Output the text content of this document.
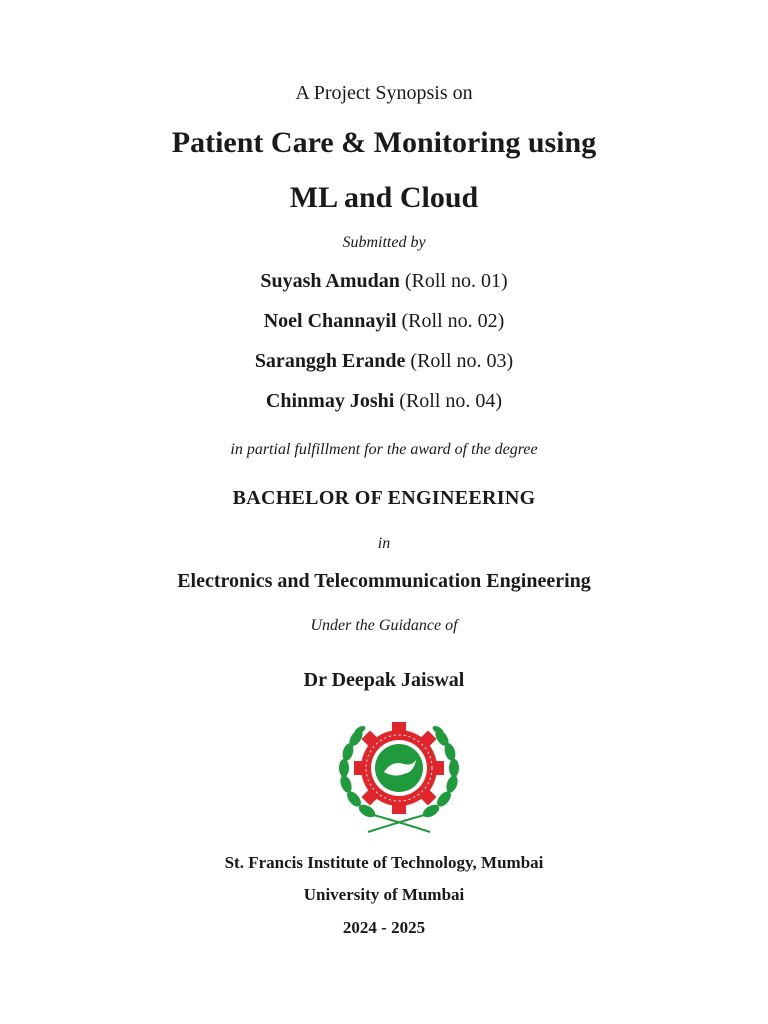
A Project Synopsis on
Patient Care & Monitoring using
ML and Cloud
Submitted by
Suyash Amudan (Roll no. 01)
Noel Channayil (Roll no. 02)
Saranggh Erande (Roll no. 03)
Chinmay Joshi (Roll no. 04)
in partial fulfillment for the award of the degree
BACHELOR OF ENGINEERING
in
Electronics and Telecommunication Engineering
Under the Guidance of
Dr Deepak Jaiswal
St. Francis Institute of Technology, Mumbai
University of Mumbai
2024 - 2025
